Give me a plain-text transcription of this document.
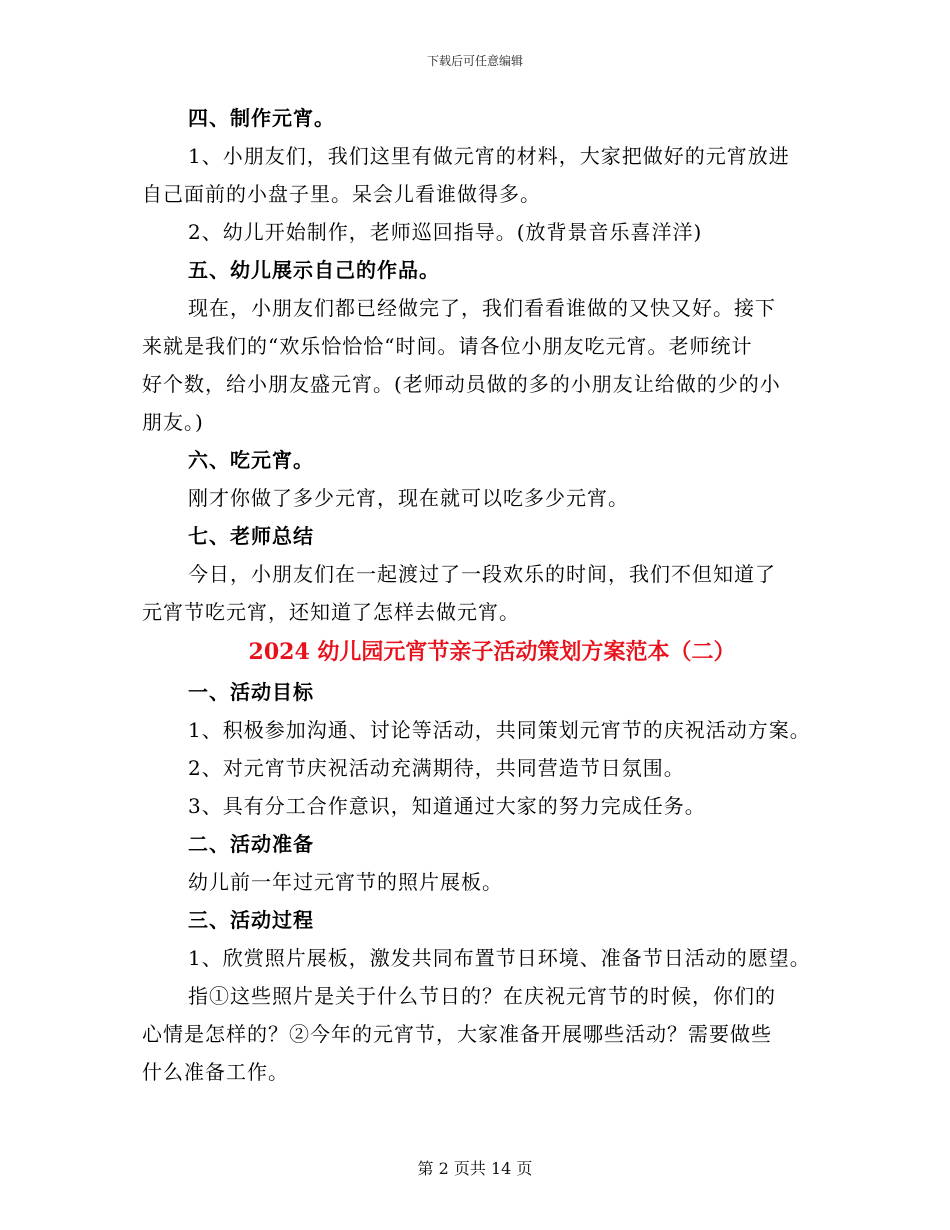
下载后可任意编辑

四、制作元宵。

1、小朋友们，我们这里有做元宵的材料，大家把做好的元宵放进

自己面前的小盘子里。呆会儿看谁做得多。

2、幼儿开始制作，老师巡回指导。(放背景音乐喜洋洋)

五、幼儿展示自己的作品。

现在，小朋友们都已经做完了，我们看看谁做的又快又好。接下

来就是我们的“欢乐恰恰恰“时间。请各位小朋友吃元宵。老师统计

好个数，给小朋友盛元宵。(老师动员做的多的小朋友让给做的少的小

朋友。)

六、吃元宵。

刚才你做了多少元宵，现在就可以吃多少元宵。

七、老师总结

今日，小朋友们在一起渡过了一段欢乐的时间，我们不但知道了

元宵节吃元宵，还知道了怎样去做元宵。

2024 幼儿园元宵节亲子活动策划方案范本（二）

一、活动目标

1、积极参加沟通、讨论等活动，共同策划元宵节的庆祝活动方案。

2、对元宵节庆祝活动充满期待，共同营造节日氛围。

3、具有分工合作意识，知道通过大家的努力完成任务。

二、活动准备

幼儿前一年过元宵节的照片展板。

三、活动过程

1、欣赏照片展板，激发共同布置节日环境、准备节日活动的愿望。

指①这些照片是关于什么节日的？在庆祝元宵节的时候，你们的

心情是怎样的？②今年的元宵节，大家准备开展哪些活动？需要做些

什么准备工作。

第 2 页共 14 页
